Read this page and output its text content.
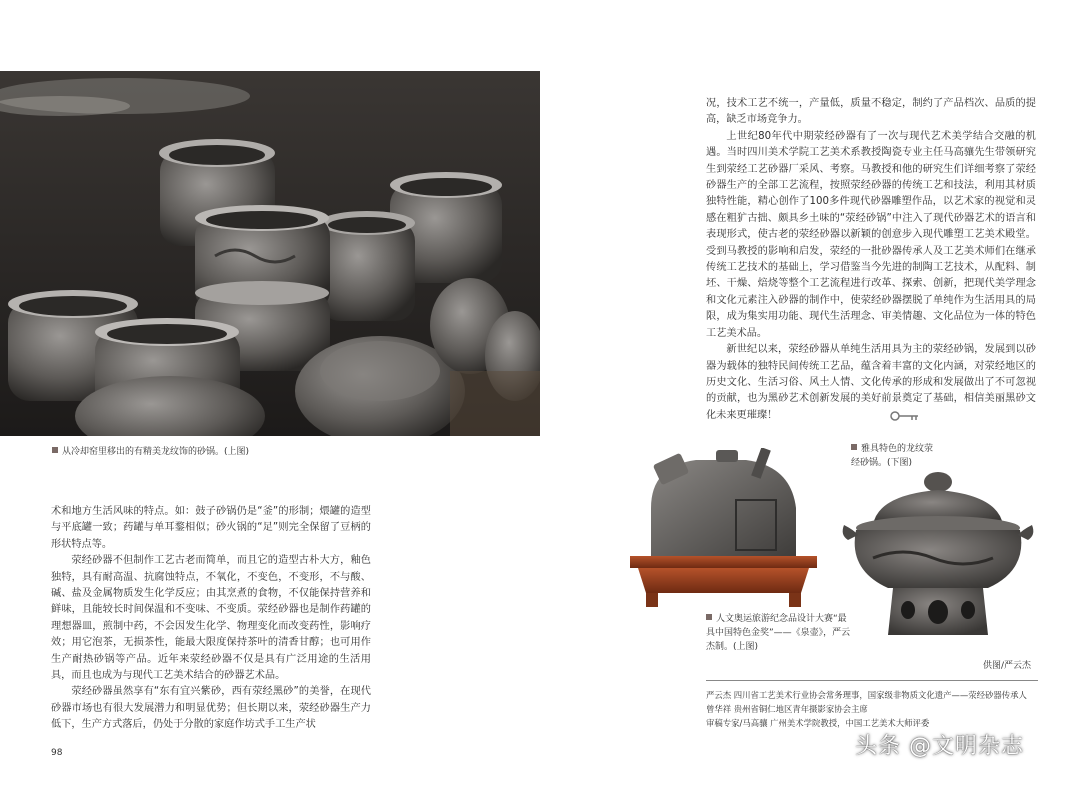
从冷却窑里移出的有精美龙纹饰的砂锅。(上图)

术和地方生活风味的特点。如：鼓子砂锅仍是“釜”的形制；煨罐的造型与平底罐一致；药罐与单耳鍪相似；砂火锅的“足”则完全保留了豆柄的形状特点等。

荥经砂器不但制作工艺古老而简单，而且它的造型古朴大方，釉色独特，具有耐高温、抗腐蚀特点，不氧化，不变色，不变形，不与酸、碱、盐及金属物质发生化学反应；由其烹煮的食物，不仅能保持营养和鲜味，且能较长时间保温和不变味、不变质。荥经砂器也是制作药罐的理想器皿，煎制中药，不会因发生化学、物理变化而改变药性，影响疗效；用它泡茶，无损茶性，能最大限度保持茶叶的清香甘醇；也可用作生产耐热砂锅等产品。近年来荥经砂器不仅是具有广泛用途的生活用具，而且也成为与现代工艺美术结合的砂器艺术品。

荥经砂器虽然享有“东有宜兴紫砂，西有荥经黑砂”的美誉，在现代砂器市场也有很大发展潜力和明显优势；但长期以来，荥经砂器生产力低下，生产方式落后，仍处于分散的家庭作坊式手工生产状

98

况，技术工艺不统一，产量低，质量不稳定，制约了产品档次、品质的提高，缺乏市场竞争力。

上世纪80年代中期荥经砂器有了一次与现代艺术美学结合交融的机遇。当时四川美术学院工艺美术系教授陶瓷专业主任马高骧先生带领研究生到荥经工艺砂器厂采风、考察。马教授和他的研究生们详细考察了荥经砂器生产的全部工艺流程，按照荥经砂器的传统工艺和技法，利用其材质独特性能，精心创作了100多件现代砂器雕塑作品，以艺术家的视觉和灵感在粗犷古拙、颇具乡土味的“荥经砂锅”中注入了现代砂器艺术的语言和表现形式，使古老的荥经砂器以新颖的创意步入现代雕塑工艺美术殿堂。受到马教授的影响和启发，荥经的一批砂器传承人及工艺美术师们在继承传统工艺技术的基础上，学习借鉴当今先进的制陶工艺技术，从配料、制坯、干燥、焙烧等整个工艺流程进行改革、探索、创新，把现代美学理念和文化元素注入砂器的制作中，使荥经砂器摆脱了单纯作为生活用具的局限，成为集实用功能、现代生活理念、审美情趣、文化品位为一体的特色工艺美术品。

新世纪以来，荥经砂器从单纯生活用具为主的荥经砂锅，发展到以砂器为载体的独特民间传统工艺品，蕴含着丰富的文化内涵，对荥经地区的历史文化、生活习俗、风土人情、文化传承的形成和发展做出了不可忽视的贡献，也为黑砂艺术创新发展的美好前景奠定了基础，相信美丽黑砂文化未来更璀璨！

雅具特色的龙纹荥
经砂锅。(下图)
人文奥运旅游纪念品设计大赛“最
具中国特色金奖”——《泉壶》，严云
杰制。(上图)
供图/严云杰
严云杰 四川省工艺美术行业协会常务理事，国家级非物质文化遗产——荥经砂器传承人
曾华祥 贵州省铜仁地区青年摄影家协会主席
审稿专家/马高骧 广州美术学院教授，中国工艺美术大师评委
头条 @文明杂志
